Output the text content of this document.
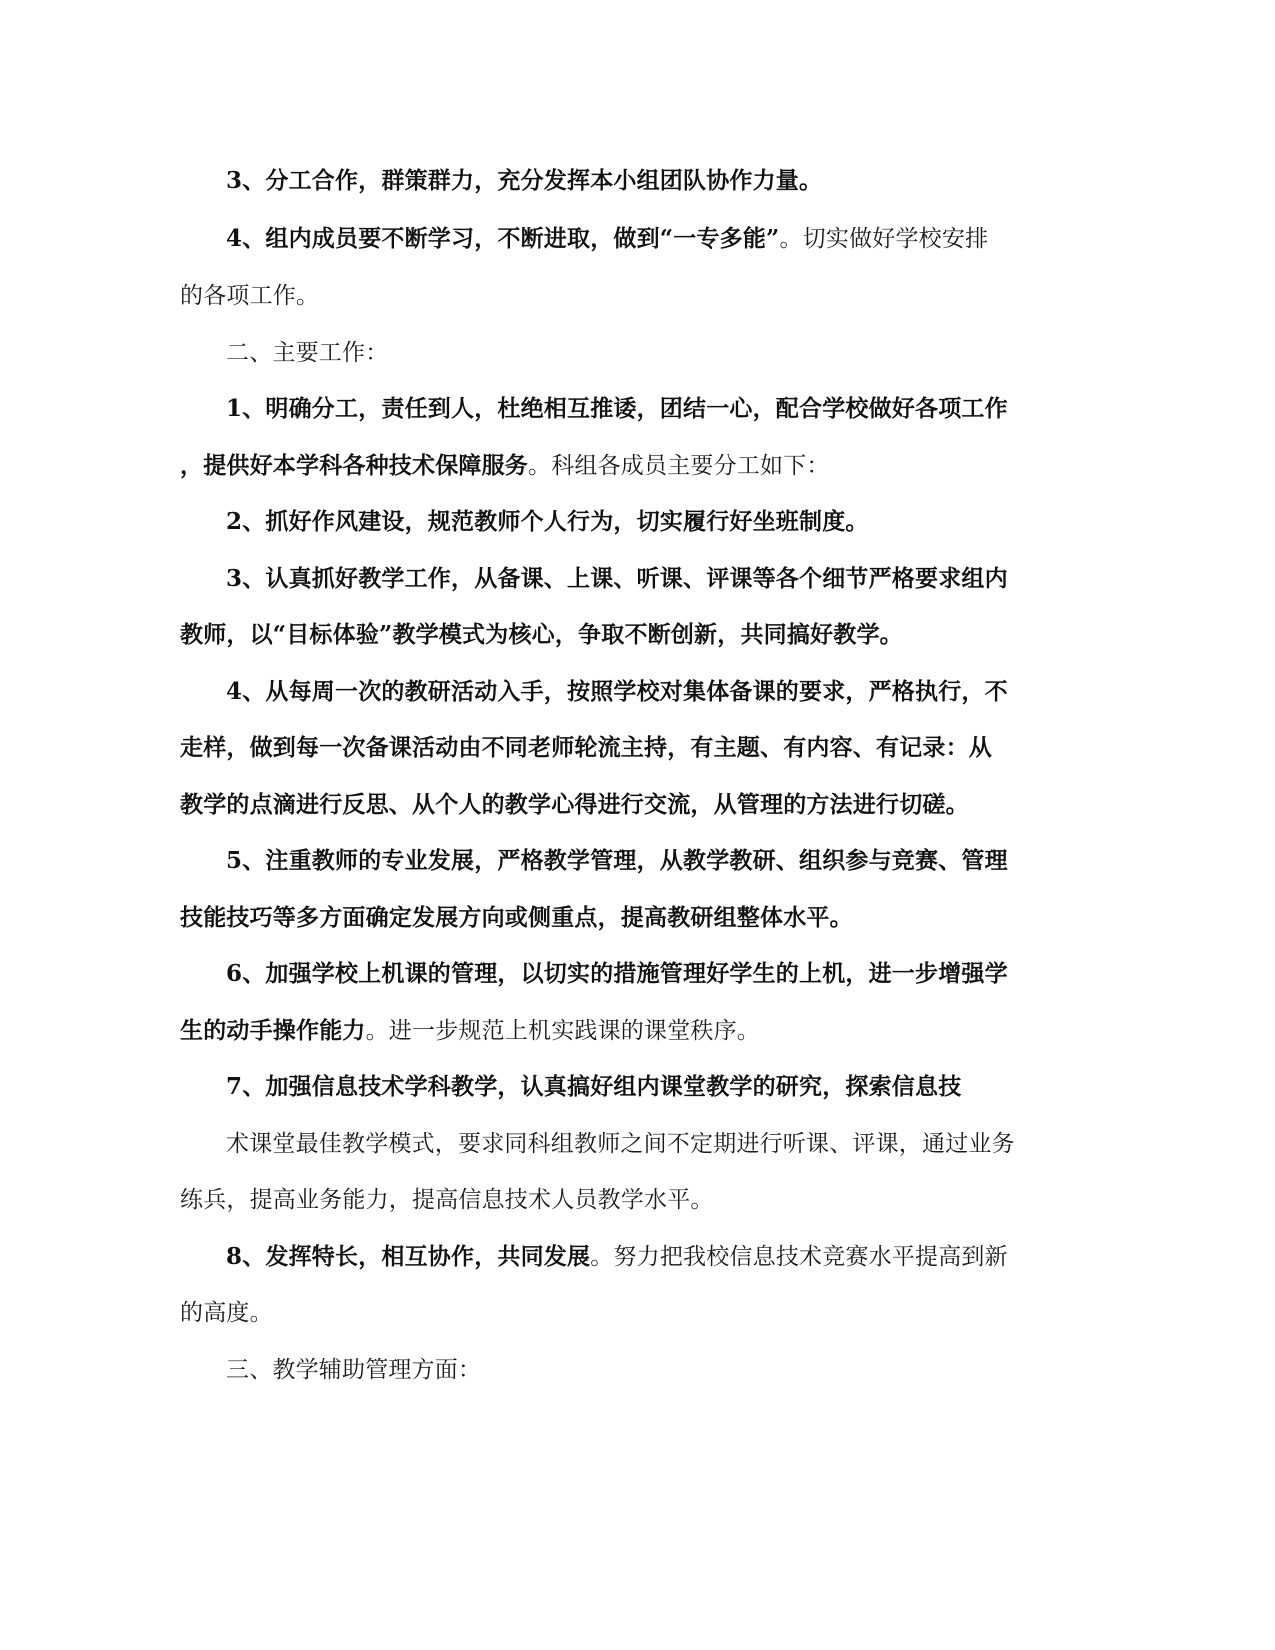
3、分工合作，群策群力，充分发挥本小组团队协作力量。

4、组内成员要不断学习，不断进取，做到“一专多能”。切实做好学校安排

的各项工作。

二、主要工作：

1、明确分工，责任到人，杜绝相互推诿，团结一心，配合学校做好各项工作

，提供好本学科各种技术保障服务。科组各成员主要分工如下：

2、抓好作风建设，规范教师个人行为，切实履行好坐班制度。

3、认真抓好教学工作，从备课、上课、听课、评课等各个细节严格要求组内

教师，以“目标体验”教学模式为核心，争取不断创新，共同搞好教学。

4、从每周一次的教研活动入手，按照学校对集体备课的要求，严格执行，不

走样，做到每一次备课活动由不同老师轮流主持，有主题、有内容、有记录：从

教学的点滴进行反思、从个人的教学心得进行交流，从管理的方法进行切磋。

5、注重教师的专业发展，严格教学管理，从教学教研、组织参与竞赛、管理

技能技巧等多方面确定发展方向或侧重点，提高教研组整体水平。

6、加强学校上机课的管理，以切实的措施管理好学生的上机，进一步增强学

生的动手操作能力。进一步规范上机实践课的课堂秩序。

7、加强信息技术学科教学，认真搞好组内课堂教学的研究，探索信息技

术课堂最佳教学模式，要求同科组教师之间不定期进行听课、评课，通过业务

练兵，提高业务能力，提高信息技术人员教学水平。

8、发挥特长，相互协作，共同发展。努力把我校信息技术竞赛水平提高到新

的高度。

三、教学辅助管理方面：
